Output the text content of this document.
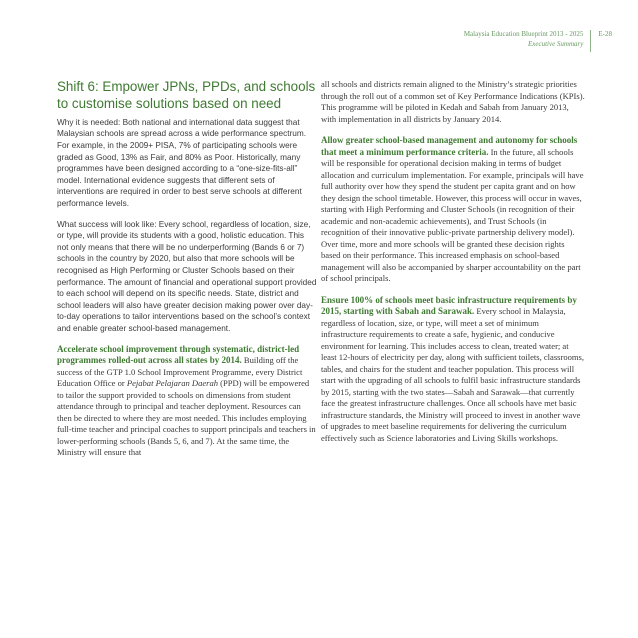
Malaysia Education Blueprint 2013 - 2025
Executive Summary
E-28
Shift 6: Empower JPNs, PPDs, and schools to customise solutions based on need

Why it is needed: Both national and international data suggest that Malaysian schools are spread across a wide performance spectrum. For example, in the 2009+ PISA, 7% of participating schools were graded as Good, 13% as Fair, and 80% as Poor. Historically, many programmes have been designed according to a “one-size-fits-all” model. International evidence suggests that different sets of interventions are required in order to best serve schools at different performance levels.

What success will look like: Every school, regardless of location, size, or type, will provide its students with a good, holistic education. This not only means that there will be no underperforming (Bands 6 or 7) schools in the country by 2020, but also that more schools will be recognised as High Performing or Cluster Schools based on their performance. The amount of financial and operational support provided to each school will depend on its specific needs. State, district and school leaders will also have greater decision making power over day-to-day operations to tailor interventions based on the school’s context and enable greater school-based management.

Accelerate school improvement through systematic, district-led programmes rolled-out across all states by 2014. Building off the success of the GTP 1.0 School Improvement Programme, every District Education Office or Pejabat Pelajaran Daerah (PPD) will be empowered to tailor the support provided to schools on dimensions from student attendance through to principal and teacher deployment. Resources can then be directed to where they are most needed. This includes employing full-time teacher and principal coaches to support principals and teachers in lower-performing schools (Bands 5, 6, and 7). At the same time, the Ministry will ensure that

all schools and districts remain aligned to the Ministry’s strategic priorities through the roll out of a common set of Key Performance Indications (KPIs). This programme will be piloted in Kedah and Sabah from January 2013, with implementation in all districts by January 2014.

Allow greater school-based management and autonomy for schools that meet a minimum performance criteria. In the future, all schools will be responsible for operational decision making in terms of budget allocation and curriculum implementation. For example, principals will have full authority over how they spend the student per capita grant and on how they design the school timetable. However, this process will occur in waves, starting with High Performing and Cluster Schools (in recognition of their academic and non-academic achievements), and Trust Schools (in recognition of their innovative public-private partnership delivery model). Over time, more and more schools will be granted these decision rights based on their performance. This increased emphasis on school-based management will also be accompanied by sharper accountability on the part of school principals.

Ensure 100% of schools meet basic infrastructure requirements by 2015, starting with Sabah and Sarawak. Every school in Malaysia, regardless of location, size, or type, will meet a set of minimum infrastructure requirements to create a safe, hygienic, and conducive environment for learning. This includes access to clean, treated water; at least 12-hours of electricity per day, along with sufficient toilets, classrooms, tables, and chairs for the student and teacher population. This process will start with the upgrading of all schools to fulfil basic infrastructure standards by 2015, starting with the two states—Sabah and Sarawak—that currently face the greatest infrastructure challenges. Once all schools have met basic infrastructure standards, the Ministry will proceed to invest in another wave of upgrades to meet baseline requirements for delivering the curriculum effectively such as Science laboratories and Living Skills workshops.
